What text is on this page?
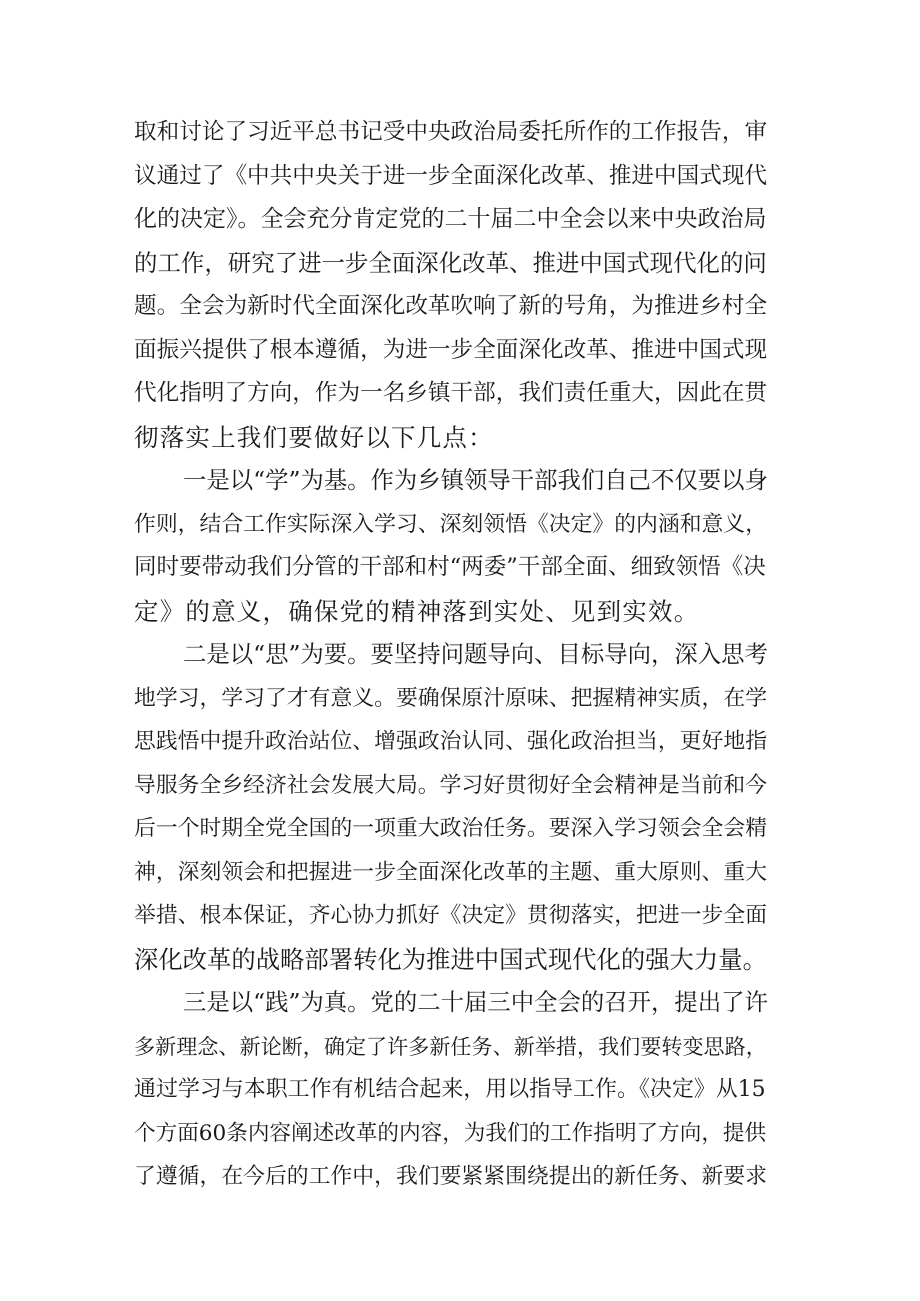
取和讨论了习近平总书记受中央政治局委托所作的工作报告，审
议通过了《中共中央关于进一步全面深化改革、推进中国式现代
化的决定》。全会充分肯定党的二十届二中全会以来中央政治局
的工作，研究了进一步全面深化改革、推进中国式现代化的问
题。全会为新时代全面深化改革吹响了新的号角，为推进乡村全
面振兴提供了根本遵循，为进一步全面深化改革、推进中国式现
代化指明了方向，作为一名乡镇干部，我们责任重大，因此在贯
彻落实上我们要做好以下几点：
一是以“学”为基。作为乡镇领导干部我们自己不仅要以身
作则，结合工作实际深入学习、深刻领悟《决定》的内涵和意义，
同时要带动我们分管的干部和村“两委”干部全面、细致领悟《决
定》的意义，确保党的精神落到实处、见到实效。
二是以“思”为要。要坚持问题导向、目标导向，深入思考
地学习，学习了才有意义。要确保原汁原味、把握精神实质，在学
思践悟中提升政治站位、增强政治认同、强化政治担当，更好地指
导服务全乡经济社会发展大局。学习好贯彻好全会精神是当前和今
后一个时期全党全国的一项重大政治任务。要深入学习领会全会精
神，深刻领会和把握进一步全面深化改革的主题、重大原则、重大
举措、根本保证，齐心协力抓好《决定》贯彻落实，把进一步全面
深化改革的战略部署转化为推进中国式现代化的强大力量。
三是以“践”为真。党的二十届三中全会的召开，提出了许
多新理念、新论断，确定了许多新任务、新举措，我们要转变思路，
通过学习与本职工作有机结合起来，用以指导工作。《决定》从15
个方面60条内容阐述改革的内容，为我们的工作指明了方向，提供
了遵循，在今后的工作中，我们要紧紧围绕提出的新任务、新要求
